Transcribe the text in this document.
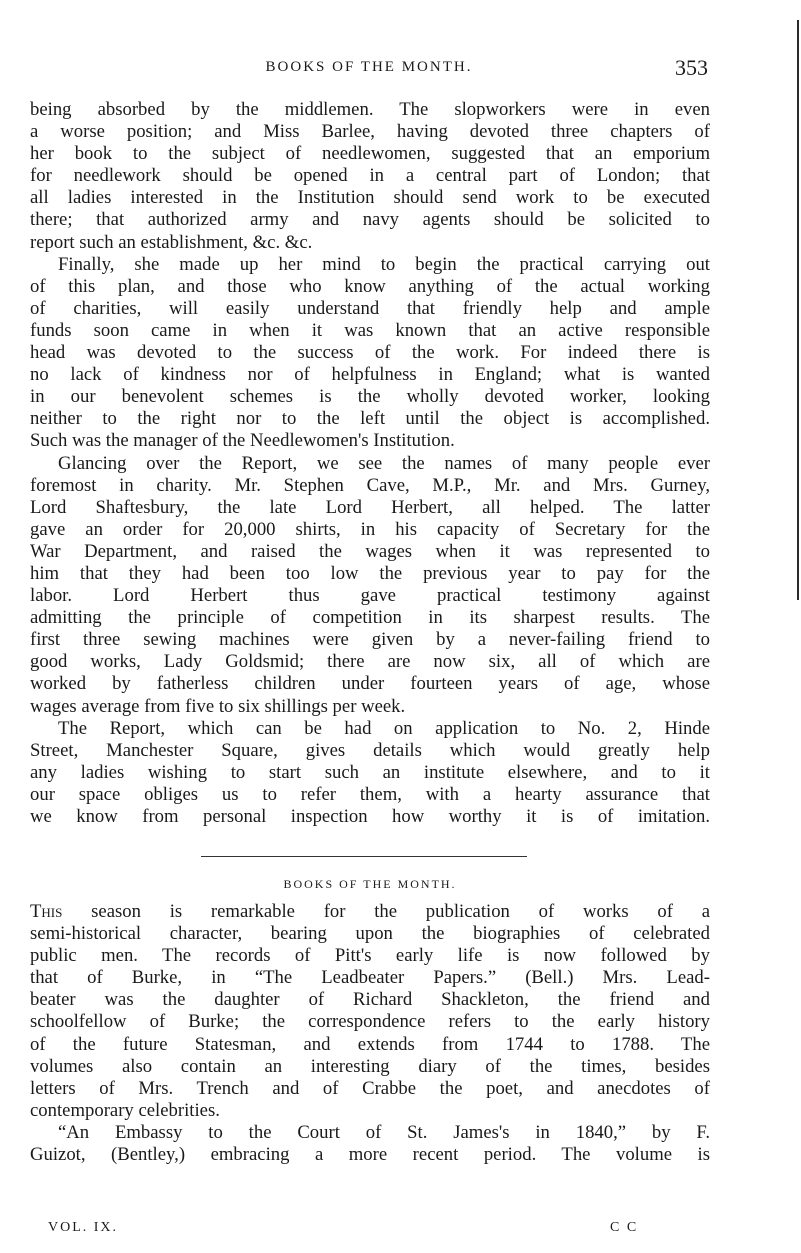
BOOKS OF THE MONTH.	353

being absorbed by the middlemen. The slopworkers were in even

a worse position; and Miss Barlee, having devoted three chapters of

her book to the subject of needlewomen, suggested that an emporium

for needlework should be opened in a central part of London; that

all ladies interested in the Institution should send work to be executed

there; that authorized army and navy agents should be solicited to

report such an establishment, &c. &c.

Finally, she made up her mind to begin the practical carrying out

of this plan, and those who know anything of the actual working

of charities, will easily understand that friendly help and ample

funds soon came in when it was known that an active responsible

head was devoted to the success of the work. For indeed there is

no lack of kindness nor of helpfulness in England; what is wanted

in our benevolent schemes is the wholly devoted worker, looking

neither to the right nor to the left until the object is accomplished.

Such was the manager of the Needlewomen's Institution.

Glancing over the Report, we see the names of many people ever

foremost in charity. Mr. Stephen Cave, M.P., Mr. and Mrs. Gurney,

Lord Shaftesbury, the late Lord Herbert, all helped. The latter

gave an order for 20,000 shirts, in his capacity of Secretary for the

War Department, and raised the wages when it was represented to

him that they had been too low the previous year to pay for the

labor. Lord Herbert thus gave practical testimony against

admitting the principle of competition in its sharpest results. The

first three sewing machines were given by a never-failing friend to

good works, Lady Goldsmid; there are now six, all of which are

worked by fatherless children under fourteen years of age, whose

wages average from five to six shillings per week.

The Report, which can be had on application to No. 2, Hinde

Street, Manchester Square, gives details which would greatly help

any ladies wishing to start such an institute elsewhere, and to it

our space obliges us to refer them, with a hearty assurance that

we know from personal inspection how worthy it is of imitation.

BOOKS OF THE MONTH.

This season is remarkable for the publication of works of a

semi-historical character, bearing upon the biographies of celebrated

public men. The records of Pitt's early life is now followed by

that of Burke, in “The Leadbeater Papers.” (Bell.) Mrs. Lead-

beater was the daughter of Richard Shackleton, the friend and

schoolfellow of Burke; the correspondence refers to the early history

of the future Statesman, and extends from 1744 to 1788. The

volumes also contain an interesting diary of the times, besides

letters of Mrs. Trench and of Crabbe the poet, and anecdotes of

contemporary celebrities.

“An Embassy to the Court of St. James's in 1840,” by F.

Guizot, (Bentley,) embracing a more recent period. The volume is

VOL. IX.	C C
